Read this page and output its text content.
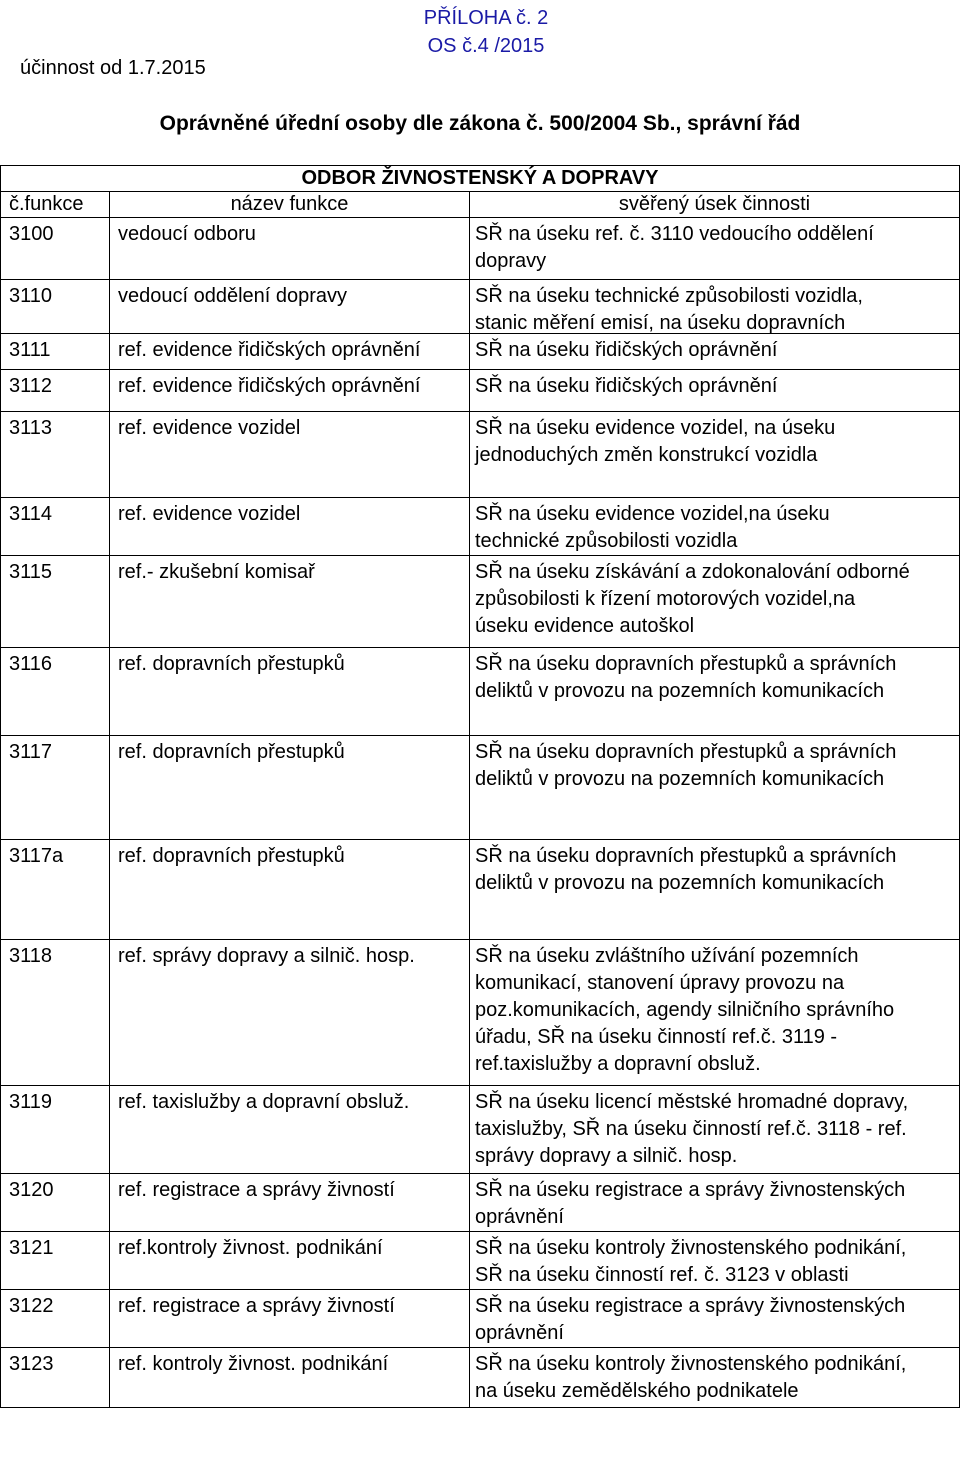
PŘÍLOHA č. 2
OS č.4 /2015
účinnost od 1.7.2015
Oprávněné úřední osoby dle zákona č. 500/2004 Sb., správní řád
ODBOR ŽIVNOSTENSKÝ A DOPRAVY
č.funkce	název funkce	svěřený úsek činnosti
3100	vedoucí odboru	SŘ na úseku ref. č. 3110 vedoucího oddělení
dopravy
3110	vedoucí oddělení dopravy	SŘ na úseku technické způsobilosti vozidla,
stanic měření emisí, na úseku dopravních
3111	ref. evidence řidičských oprávnění	SŘ na úseku řidičských oprávnění
3112	ref. evidence řidičských oprávnění	SŘ na úseku řidičských oprávnění
3113	ref. evidence vozidel	SŘ na úseku evidence vozidel, na úseku
jednoduchých změn konstrukcí vozidla
3114	ref. evidence vozidel	SŘ na úseku evidence vozidel,na úseku
technické způsobilosti vozidla
3115	ref.- zkušební komisař	SŘ na úseku získávání a zdokonalování odborné
způsobilosti k řízení motorových vozidel,na
úseku evidence autoškol
3116	ref. dopravních přestupků	SŘ na úseku dopravních přestupků a správních
deliktů v provozu na pozemních komunikacích
3117	ref. dopravních přestupků	SŘ na úseku dopravních přestupků a správních
deliktů v provozu na pozemních komunikacích
3117a	ref. dopravních přestupků	SŘ na úseku dopravních přestupků a správních
deliktů v provozu na pozemních komunikacích
3118	ref. správy dopravy a silnič. hosp.	SŘ na úseku zvláštního užívání pozemních
komunikací, stanovení úpravy provozu na
poz.komunikacích, agendy silničního správního
úřadu, SŘ na úseku činností ref.č. 3119 -
ref.taxislužby a dopravní obsluž.
3119	ref. taxislužby a dopravní obsluž.	SŘ na úseku licencí městské hromadné dopravy,
taxislužby, SŘ na úseku činností ref.č. 3118 - ref.
správy dopravy a silnič. hosp.
3120	ref. registrace a správy živností	SŘ na úseku registrace a správy živnostenských
oprávnění
3121	ref.kontroly živnost. podnikání	SŘ na úseku kontroly živnostenského podnikání,
SŘ na úseku činností ref. č. 3123 v oblasti
3122	ref. registrace a správy živností	SŘ na úseku registrace a správy živnostenských
oprávnění
3123	ref. kontroly živnost. podnikání	SŘ na úseku kontroly živnostenského podnikání,
na úseku zemědělského podnikatele
